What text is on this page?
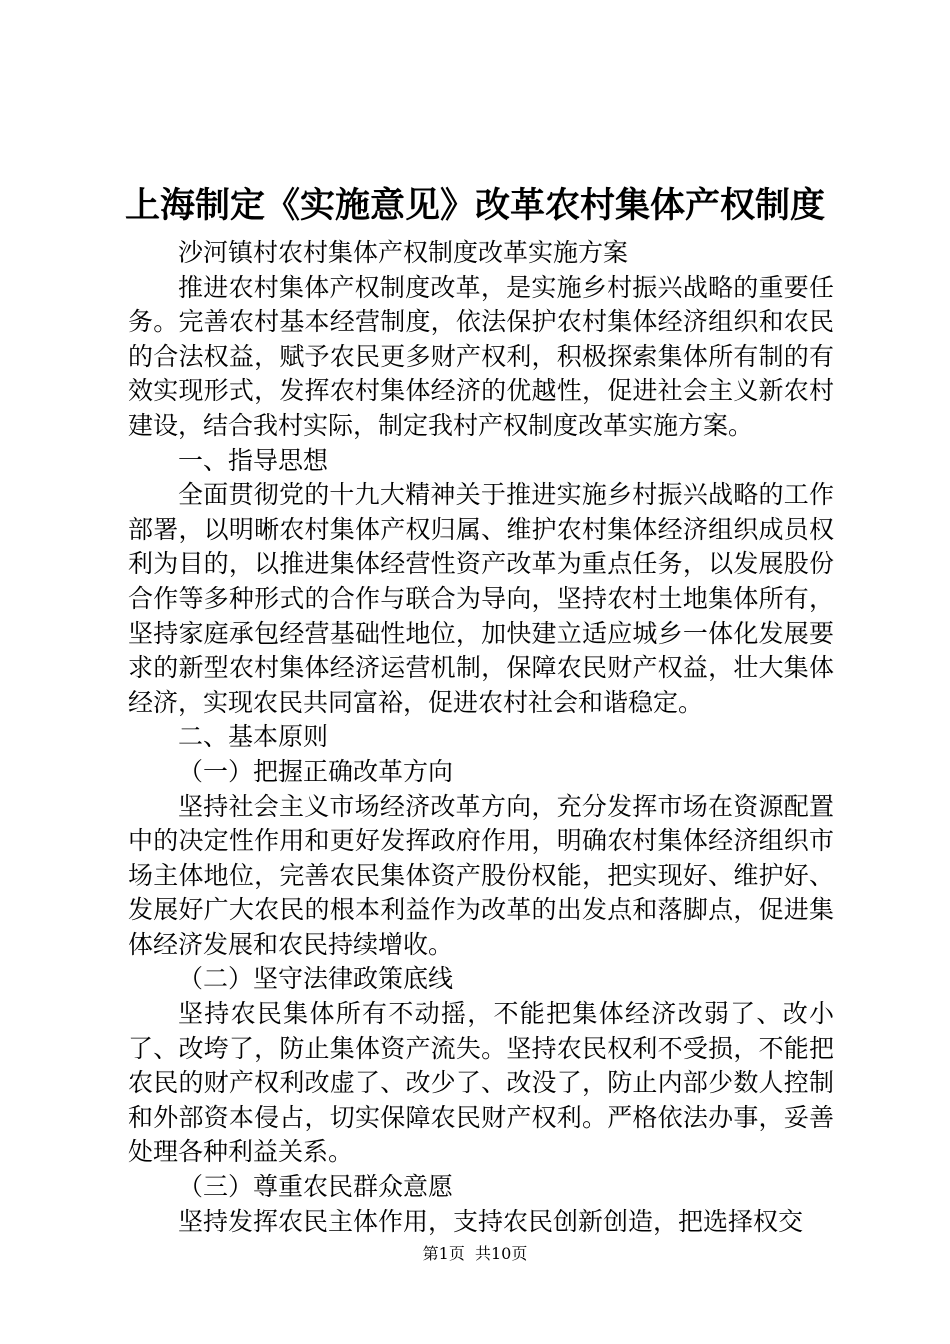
上海制定《实施意见》改革农村集体产权制度

沙河镇村农村集体产权制度改革实施方案

推进农村集体产权制度改革，是实施乡村振兴战略的重要任务。完善农村基本经营制度，依法保护农村集体经济组织和农民的合法权益，赋予农民更多财产权利，积极探索集体所有制的有效实现形式，发挥农村集体经济的优越性，促进社会主义新农村建设，结合我村实际，制定我村产权制度改革实施方案。

一、指导思想

全面贯彻党的十九大精神关于推进实施乡村振兴战略的工作部署，以明晰农村集体产权归属、维护农村集体经济组织成员权利为目的，以推进集体经营性资产改革为重点任务，以发展股份合作等多种形式的合作与联合为导向，坚持农村土地集体所有，坚持家庭承包经营基础性地位，加快建立适应城乡一体化发展要求的新型农村集体经济运营机制，保障农民财产权益，壮大集体经济，实现农民共同富裕，促进农村社会和谐稳定。

二、基本原则

（一）把握正确改革方向

坚持社会主义市场经济改革方向，充分发挥市场在资源配置中的决定性作用和更好发挥政府作用，明确农村集体经济组织市场主体地位，完善农民集体资产股份权能，把实现好、维护好、发展好广大农民的根本利益作为改革的出发点和落脚点，促进集体经济发展和农民持续增收。

（二）坚守法律政策底线

坚持农民集体所有不动摇，不能把集体经济改弱了、改小了、改垮了，防止集体资产流失。坚持农民权利不受损，不能把农民的财产权利改虚了、改少了、改没了，防止内部少数人控制和外部资本侵占，切实保障农民财产权利。严格依法办事，妥善处理各种利益关系。

（三）尊重农民群众意愿

坚持发挥农民主体作用，支持农民创新创造，把选择权交

第1页  共10页
